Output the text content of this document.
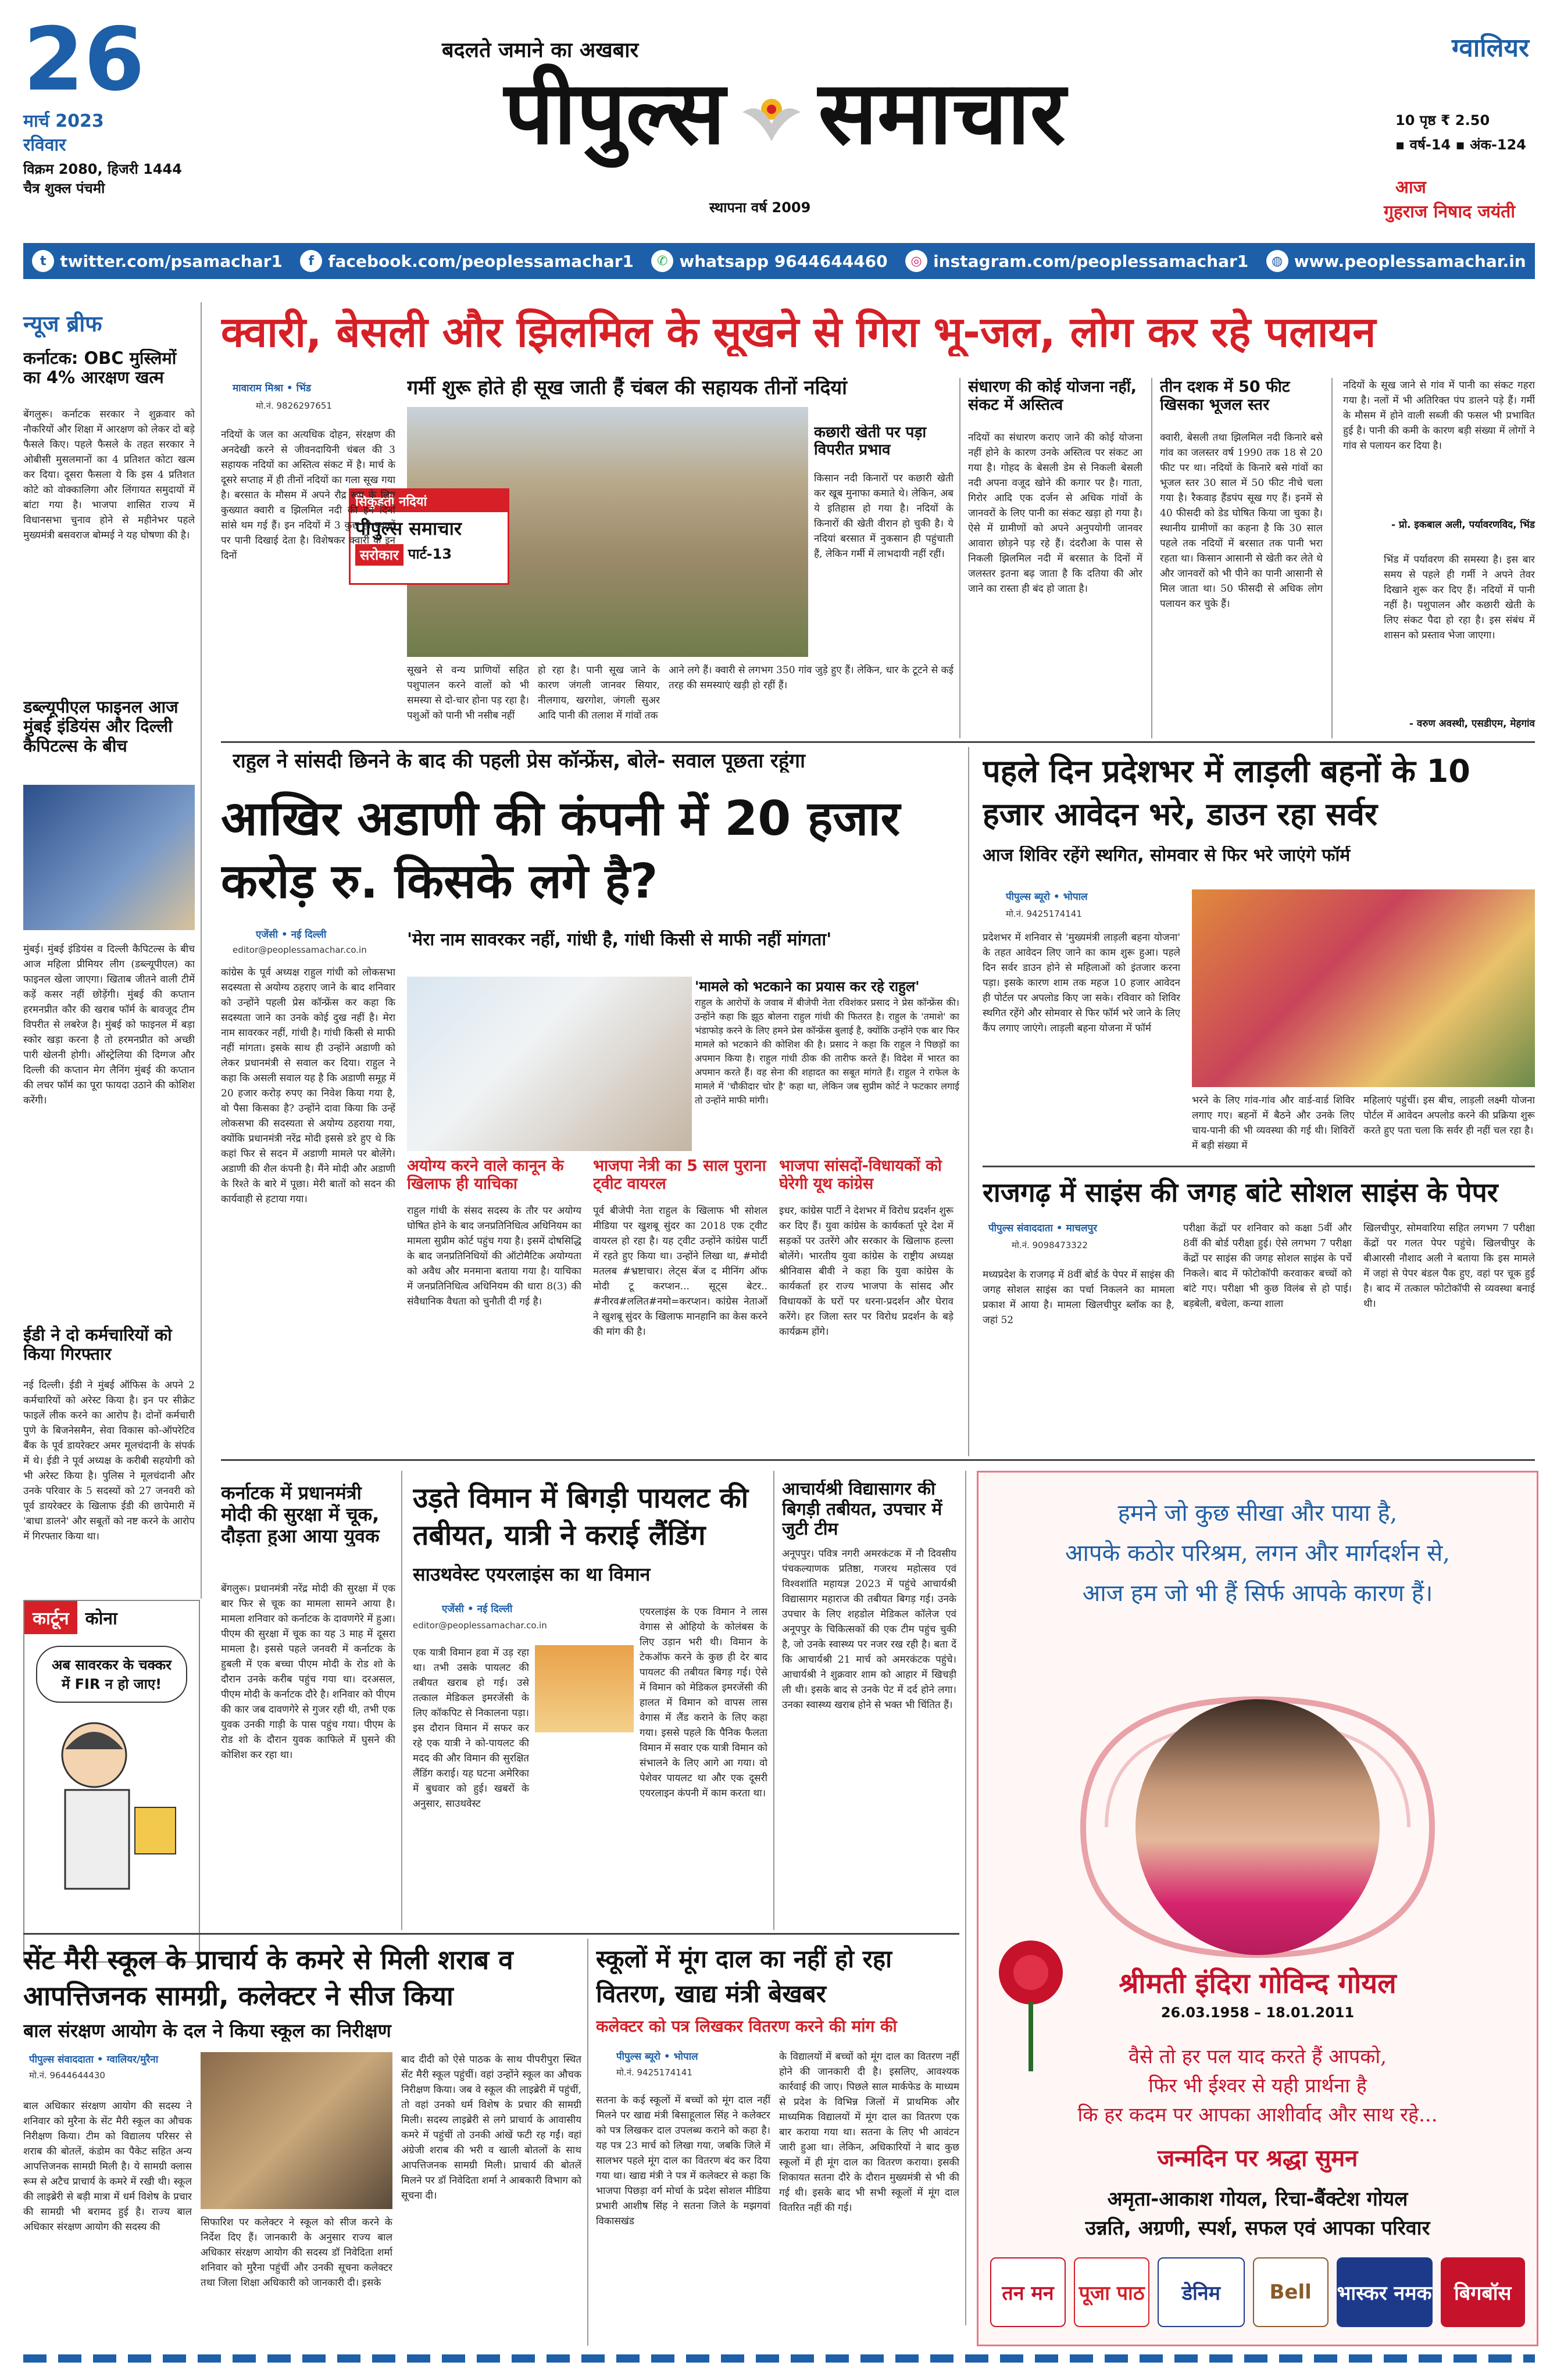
26
मार्च 2023
रविवार
विक्रम 2080, हिजरी 1444
चैत्र शुक्ल पंचमी
बदलते जमाने का अखबार
पीपुल्स समाचार
स्थापना वर्ष 2009
ग्वालियर
10 पृष्ठ ₹ 2.50
▪ वर्ष-14 ▪ अंक-124
आज
गुहराज निषाद जयंती
t twitter.com/psamachar1	f facebook.com/peoplessamachar1	✆ whatsapp 9644644460	◎ instagram.com/peoplessamachar1	◍ www.peoplessamachar.in
न्यूज ब्रीफ
कर्नाटक: OBC मुस्लिमों का 4% आरक्षण खत्म
बेंगलुरू। कर्नाटक सरकार ने शुक्रवार को नौकरियों और शिक्षा में आरक्षण को लेकर दो बड़े फैसले किए। पहले फैसले के तहत सरकार ने ओबीसी मुसलमानों का 4 प्रतिशत कोटा खत्म कर दिया। दूसरा फैसला ये कि इस 4 प्रतिशत कोटे को वोक्कालिगा और लिंगायत समुदायों में बांटा गया है। भाजपा शासित राज्य में विधानसभा चुनाव होने से महीनेभर पहले मुख्यमंत्री बसवराज बोम्मई ने यह घोषणा की है।
डब्ल्यूपीएल फाइनल आज मुंबई इंडियंस और दिल्ली कैपिटल्स के बीच
मुंबई। मुंबई इंडियंस व दिल्ली कैपिटल्स के बीच आज महिला प्रीमियर लीग (डब्ल्यूपीएल) का फाइनल खेला जाएगा। खिताब जीतने वाली टीमें कड़ें कसर नहीं छोड़ेंगी। मुंबई की कप्तान हरमनप्रीत कौर की खराब फॉर्म के बावजूद टीम विपरीत से लबरेज है। मुंबई को फाइनल में बड़ा स्कोर खड़ा करना है तो हरमनप्रीत को अच्छी पारी खेलनी होगी। ऑस्ट्रेलिया की दिग्गज और दिल्ली की कप्तान मेग लैनिंग मुंबई की कप्तान की लचर फॉर्म का पूरा फायदा उठाने की कोशिश करेंगी।
ईडी ने दो कर्मचारियों को किया गिरफ्तार
नई दिल्ली। ईडी ने मुंबई ऑफिस के अपने 2 कर्मचारियों को अरेस्ट किया है। इन पर सीक्रेट फाइलें लीक करने का आरोप है। दोनों कर्मचारी पुणे के बिजनेसमैन, सेवा विकास को-ऑपरेटिव बैंक के पूर्व डायरेक्टर अमर मूलचंदानी के संपर्क में थे। ईडी ने पूर्व अध्यक्ष के करीबी सहयोगी को भी अरेस्ट किया है। पुलिस ने मूलचंदानी और उनके परिवार के 5 सदस्यों को 27 जनवरी को पूर्व डायरेक्टर के खिलाफ ईडी की छापेमारी में 'बाधा डालने' और सबूतों को नष्ट करने के आरोप में गिरफ्तार किया था।
कार्टून कोना
अब सावरकर के चक्कर में FIR न हो जाए!
क्वारी, बेसली और झिलमिल के सूखने से गिरा भू-जल, लोग कर रहे पलायन
मावाराम मिश्रा • भिंड
मो.नं. 9826297651
गर्मी शुरू होते ही सूख जाती हैं चंबल की सहायक तीनों नदियां
सिकुड़ती नदियां
पीपुल्स समाचार
सरोकार पार्ट-13
नदियों के जल का अत्यधिक दोहन, संरक्षण की अनदेखी करने से जीवनदायिनी चंबल की 3 सहायक नदियों का अस्तित्व संकट में है। मार्च के दूसरे सप्ताह में ही तीनों नदियों का गला सूख गया है। बरसात के मौसम में अपने रौद्र रूप के लिए कुख्यात क्वारी व झिलमिल नदी की इन दिनों सांसे थम गई हैं। इन नदियों में 3 कुछ ही स्थानों पर पानी दिखाई देता है। विशेषकर क्वारी के इन दिनों
सूखने से वन्य प्राणियों सहित पशुपालन करने वालों को भी समस्या से दो-चार होना पड़ रहा है। पशुओं को पानी भी नसीब नहीं
हो रहा है। पानी सूख जाने के कारण जंगली जानवर सियार, नीलगाय, खरगोश, जंगली सुअर आदि पानी की तलाश में गांवों तक
कछारी खेती पर पड़ा विपरीत प्रभाव
किसान नदी किनारों पर कछारी खेती कर खूब मुनाफा कमाते थे। लेकिन, अब ये इतिहास हो गया है। नदियों के किनारों की खेती वीरान हो चुकी है। ये नदियां बरसात में नुकसान ही पहुंचाती हैं, लेकिन गर्मी में लाभदायी नहीं रहीं।
आने लगे हैं। क्वारी से लगभग 350 गांव जुड़े हुए हैं। लेकिन, धार के टूटने से कई तरह की समस्याएं खड़ी हो रहीं हैं।
संधारण की कोई योजना नहीं, संकट में अस्तित्व
नदियों का संधारण कराए जाने की कोई योजना नहीं होने के कारण उनके अस्तित्व पर संकट आ गया है। गोहद के बेसली डेम से निकली बेसली नदी अपना वजूद खोने की कगार पर है। गाता, गिरोर आदि एक दर्जन से अधिक गांवों के जानवरों के लिए पानी का संकट खड़ा हो गया है। ऐसे में ग्रामीणों को अपने अनुपयोगी जानवर आवारा छोड़ने पड़ रहे हैं। दंदरौआ के पास से निकली झिलमिल नदी में बरसात के दिनों में जलस्तर इतना बढ़ जाता है कि दतिया की ओर जाने का रास्ता ही बंद हो जाता है।
तीन दशक में 50 फीट खिसका भूजल स्तर
क्वारी, बेसली तथा झिलमिल नदी किनारे बसे गांव का जलस्तर वर्ष 1990 तक 18 से 20 फीट पर था। नदियों के किनारे बसे गांवों का भूजल स्तर 30 साल में 50 फीट नीचे चला गया है। रैकवाड़ हैंडपंप सूख गए हैं। इनमें से 40 फीसदी को डेड घोषित किया जा चुका है। स्थानीय ग्रामीणों का कहना है कि 30 साल पहले तक नदियों में बरसात तक पानी भरा रहता था। किसान आसानी से खेती कर लेते थे और जानवरों को भी पीने का पानी आसानी से मिल जाता था। 50 फीसदी से अधिक लोग पलायन कर चुके हैं।
नदियों के सूख जाने से गांव में पानी का संकट गहरा गया है। नलों में भी अतिरिक्त पंप डालने पड़े हैं। गर्मी के मौसम में होने वाली सब्जी की फसल भी प्रभावित हुई है। पानी की कमी के कारण बड़ी संख्या में लोगों ने गांव से पलायन कर दिया है।
- प्रो. इकबाल अली, पर्यावरणविद, भिंड
भिंड में पर्यावरण की समस्या है। इस बार समय से पहले ही गर्मी ने अपने तेवर दिखाने शुरू कर दिए हैं। नदियों में पानी नहीं है। पशुपालन और कछारी खेती के लिए संकट पैदा हो रहा है। इस संबंध में शासन को प्रस्ताव भेजा जाएगा।
- वरुण अवस्थी, एसडीएम, मेहगांव
राहुल ने सांसदी छिनने के बाद की पहली प्रेस कॉन्फ्रेंस, बोले- सवाल पूछता रहूंगा
आखिर अडाणी की कंपनी में 20 हजार करोड़ रु. किसके लगे है?
एजेंसी • नई दिल्ली
editor@peoplessamachar.co.in	'मेरा नाम सावरकर नहीं, गांधी है, गांधी किसी से माफी नहीं मांगता'
कांग्रेस के पूर्व अध्यक्ष राहुल गांधी को लोकसभा सदस्यता से अयोग्य ठहराए जाने के बाद शनिवार को उन्होंने पहली प्रेस कॉन्फ्रेंस कर कहा कि सदस्यता जाने का उनके कोई दुख नहीं है। मेरा नाम सावरकर नहीं, गांधी है। गांधी किसी से माफी नहीं मांगता। इसके साथ ही उन्होंने अडाणी को लेकर प्रधानमंत्री से सवाल कर दिया। राहुल ने कहा कि असली सवाल यह है कि अडाणी समूह में 20 हजार करोड़ रुपए का निवेश किया गया है, वो पैसा किसका है? उन्होंने दावा किया कि उन्हें लोकसभा की सदस्यता से अयोग्य ठहराया गया, क्योंकि प्रधानमंत्री नरेंद्र मोदी इससे डरे हुए थे कि कहां फिर से सदन में अडाणी मामले पर बोलेंगे। अडाणी की शैल कंपनी है। मैंने मोदी और अडाणी के रिश्ते के बारे में पूछा। मेरी बातों को सदन की कार्यवाही से हटाया गया।
'मामले को भटकाने का प्रयास कर रहे राहुल'
राहुल के आरोपों के जवाब में बीजेपी नेता रविशंकर प्रसाद ने प्रेस कॉन्फ्रेंस की। उन्होंने कहा कि झूठ बोलना राहुल गांधी की फितरत है। राहुल के 'तमाशे' का भंडाफोड़ करने के लिए हमने प्रेस कॉन्फ्रेंस बुलाई है, क्योंकि उन्होंने एक बार फिर मामले को भटकाने की कोशिश की है। प्रसाद ने कहा कि राहुल ने पिछड़ों का अपमान किया है। राहुल गांधी ठीक की तारीफ करते हैं। विदेश में भारत का अपमान करते हैं। वह सेना की शहादत का सबूत मांगते हैं। राहुल ने राफेल के मामले में 'चौकीदार चोर है' कहा था, लेकिन जब सुप्रीम कोर्ट ने फटकार लगाई तो उन्होंने माफी मांगी।
अयोग्य करने वाले कानून के खिलाफ ही याचिका
राहुल गांधी के संसद सदस्य के तौर पर अयोग्य घोषित होने के बाद जनप्रतिनिधित्व अधिनियम का मामला सुप्रीम कोर्ट पहुंच गया है। इसमें दोषसिद्धि के बाद जनप्रतिनिधियों की ऑटोमैटिक अयोग्यता को अवैध और मनमाना बताया गया है। याचिका में जनप्रतिनिधित्व अधिनियम की धारा 8(3) की संवैधानिक वैधता को चुनौती दी गई है।
भाजपा नेत्री का 5 साल पुराना ट्वीट वायरल
पूर्व बीजेपी नेता राहुल के खिलाफ भी सोशल मीडिया पर खुशबू सुंदर का 2018 एक ट्वीट वायरल हो रहा है। यह ट्वीट उन्होंने कांग्रेस पार्टी में रहते हुए किया था। उन्होंने लिखा था, #मोदी मतलब #भ्रष्टाचार। लेट्स बेंज द मीनिंग ऑफ मोदी टू करप्शन... सूट्स बेटर.. #नीरव#ललित#नमो=करप्शन। कांग्रेस नेताओं ने खुशबू सुंदर के खिलाफ मानहानि का केस करने की मांग की है।
भाजपा सांसदों-विधायकों को घेरेगी यूथ कांग्रेस
इधर, कांग्रेस पार्टी ने देशभर में विरोध प्रदर्शन शुरू कर दिए हैं। युवा कांग्रेस के कार्यकर्ता पूरे देश में सड़कों पर उतरेंगे और सरकार के खिलाफ हल्ला बोलेंगे। भारतीय युवा कांग्रेस के राष्ट्रीय अध्यक्ष श्रीनिवास बीवी ने कहा कि युवा कांग्रेस के कार्यकर्ता हर राज्य भाजपा के सांसद और विधायकों के घरों पर धरना-प्रदर्शन और घेराव करेंगे। हर जिला स्तर पर विरोध प्रदर्शन के बड़े कार्यक्रम होंगे।
पहले दिन प्रदेशभर में लाड़ली बहनों के 10 हजार आवेदन भरे, डाउन रहा सर्वर
आज शिविर रहेंगे स्थगित, सोमवार से फिर भरे जाएंगे फॉर्म
पीपुल्स ब्यूरो • भोपाल
मो.नं. 9425174141
प्रदेशभर में शनिवार से 'मुख्यमंत्री लाड़ली बहना योजना' के तहत आवेदन लिए जाने का काम शुरू हुआ। पहले दिन सर्वर डाउन होने से महिलाओं को इंतजार करना पड़ा। इसके कारण शाम तक महज 10 हजार आवेदन ही पोर्टल पर अपलोड किए जा सके। रविवार को शिविर स्थगित रहेंगे और सोमवार से फिर फॉर्म भरे जाने के लिए कैंप लगाए जाएंगे। लाड़ली बहना योजना में फॉर्म
भरने के लिए गांव-गांव और वार्ड-वार्ड शिविर लगाए गए। बहनों में बैठने और उनके लिए चाय-पानी की भी व्यवस्था की गई थी। शिविरों में बड़ी संख्या में
महिलाएं पहुंचीं। इस बीच, लाड़ली लक्ष्मी योजना पोर्टल में आवेदन अपलोड करने की प्रक्रिया शुरू करते हुए पता चला कि सर्वर ही नहीं चल रहा है।
राजगढ़ में साइंस की जगह बांटे सोशल साइंस के पेपर
पीपुल्स संवाददाता • माचलपुर
मो.नं. 9098473322
मध्यप्रदेश के राजगढ़ में 8वीं बोर्ड के पेपर में साइंस की जगह सोशल साइंस का पर्चा निकलने का मामला प्रकाश में आया है। मामला खिलचीपुर ब्लॉक का है, जहां 52
परीक्षा केंद्रों पर शनिवार को कक्षा 5वीं और 8वीं की बोर्ड परीक्षा हुई। ऐसे लगभग 7 परीक्षा केंद्रों पर साइंस की जगह सोशल साइंस के पर्चे निकले। बाद में फोटोकॉपी करवाकर बच्चों को बांटे गए। परीक्षा भी कुछ विलंब से हो पाई। बड़बेली, बचेला, कन्या शाला
खिलचीपुर, सोमवारिया सहित लगभग 7 परीक्षा केंद्रों पर गलत पेपर पहुंचे। खिलचीपुर के बीआरसी नौशाद अली ने बताया कि इस मामले में जहां से पेपर बंडल पैक हुए, वहां पर चूक हुई है। बाद में तत्काल फोटोकॉपी से व्यवस्था बनाई थी।
कर्नाटक में प्रधानमंत्री मोदी की सुरक्षा में चूक, दौड़ता हुआ आया युवक
बेंगलुरू। प्रधानमंत्री नरेंद्र मोदी की सुरक्षा में एक बार फिर से चूक का मामला सामने आया है। मामला शनिवार को कर्नाटक के दावणगेरे में हुआ। पीएम की सुरक्षा में चूक का यह 3 माह में दूसरा मामला है। इससे पहले जनवरी में कर्नाटक के हुबली में एक बच्चा पीएम मोदी के रोड शो के दौरान उनके करीब पहुंच गया था। दरअसल, पीएम मोदी के कर्नाटक दौरे है। शनिवार को पीएम की कार जब दावणगेरे से गुजर रही थी, तभी एक युवक उनकी गाड़ी के पास पहुंच गया। पीएम के रोड शो के दौरान युवक काफिले में घुसने की कोशिश कर रहा था।
उड़ते विमान में बिगड़ी पायलट की तबीयत, यात्री ने कराई लैंडिंग
साउथवेस्ट एयरलाइंस का था विमान
एजेंसी • नई दिल्ली
editor@peoplessamachar.co.in
एक यात्री विमान हवा में उड़ रहा था। तभी उसके पायलट की तबीयत खराब हो गई। उसे तत्काल मेडिकल इमरजेंसी के लिए कॉकपिट से निकालना पड़ा। इस दौरान विमान में सफर कर रहे एक यात्री ने को-पायलट की मदद की और विमान की सुरक्षित लैंडिंग कराई। यह घटना अमेरिका में बुधवार को हुई। खबरों के अनुसार, साउथवेस्ट
एयरलाइंस के एक विमान ने लास वेगास से ओहियो के कोलंबस के लिए उड़ान भरी थी। विमान के टेकऑफ करने के कुछ ही देर बाद पायलट की तबीयत बिगड़ गई। ऐसे में विमान को मेडिकल इमरजेंसी की हालत में विमान को वापस लास वेगास में लैंड कराने के लिए कहा गया। इससे पहले कि पैनिक फैलता विमान में सवार एक यात्री विमान को संभालने के लिए आगे आ गया। वो पेशेवर पायलट था और एक दूसरी एयरलाइन कंपनी में काम करता था।
आचार्यश्री विद्यासागर की बिगड़ी तबीयत, उपचार में जुटी टीम
अनूपपुर। पवित्र नगरी अमरकंटक में नौ दिवसीय पंचकल्याणक प्रतिष्ठा, गजरथ महोत्सव एवं विश्वशांति महायज्ञ 2023 में पहुंचे आचार्यश्री विद्यासागर महाराज की तबीयत बिगड़ गई। उनके उपचार के लिए शहडोल मेडिकल कॉलेज एवं अनूपपुर के चिकित्सकों की एक टीम पहुंच चुकी है, जो उनके स्वास्थ्य पर नजर रख रही है। बता दें कि आचार्यश्री 21 मार्च को अमरकंटक पहुंचे। आचार्यश्री ने शुक्रवार शाम को आहार में खिचड़ी ली थी। इसके बाद से उनके पेट में दर्द होने लगा। उनका स्वास्थ्य खराब होने से भक्त भी चिंतित हैं।
सेंट मैरी स्कूल के प्राचार्य के कमरे से मिली शराब व आपत्तिजनक सामग्री, कलेक्टर ने सीज किया
बाल संरक्षण आयोग के दल ने किया स्कूल का निरीक्षण
पीपुल्स संवाददाता • ग्वालियर/मुरैना
मो.नं. 9644644430
बाल अधिकार संरक्षण आयोग की सदस्य ने शनिवार को मुरैना के सेंट मैरी स्कूल का औचक निरीक्षण किया। टीम को विद्यालय परिसर से शराब की बोतलें, कंडोम का पैकेट सहित अन्य आपत्तिजनक सामग्री मिली है। ये सामग्री क्लास रूम से अटैच प्राचार्य के कमरे में रखी थी। स्कूल की लाइब्रेरी से बड़ी मात्रा में धर्म विशेष के प्रचार की सामग्री भी बरामद हुई है। राज्य बाल अधिकार संरक्षण आयोग की सदस्य की	सिफारिश पर कलेक्टर ने स्कूल को सीज करने के निर्देश दिए हैं। जानकारी के अनुसार राज्य बाल अधिकार संरक्षण आयोग की सदस्य डॉ निवेदिता शर्मा शनिवार को मुरैना पहुंचीं और उनकी सूचना कलेक्टर तथा जिला शिक्षा अधिकारी को जानकारी दी। इसके
बाद दीदी को ऐसे पाठक के साथ पीपरीपुरा स्थित सेंट मैरी स्कूल पहुंचीं। वहां उन्होंने स्कूल का औचक निरीक्षण किया। जब वे स्कूल की लाइब्रेरी में पहुंचीं, तो वहां उनको धर्म विशेष के प्रचार की सामग्री मिली। सदस्य लाइब्रेरी से लगे प्राचार्य के आवासीय कमरे में पहुंचीं तो उनकी आंखें फटी रह गईं। वहां अंग्रेजी शराब की भरी व खाली बोतलों के साथ आपत्तिजनक सामग्री मिली। प्राचार्य की बोतलें मिलने पर डॉ निवेदिता शर्मा ने आबकारी विभाग को सूचना दी।
स्कूलों में मूंग दाल का नहीं हो रहा वितरण, खाद्य मंत्री बेखबर
कलेक्टर को पत्र लिखकर वितरण करने की मांग की
पीपुल्स ब्यूरो • भोपाल
मो.नं. 9425174141
सतना के कई स्कूलों में बच्चों को मूंग दाल नहीं मिलने पर खाद्य मंत्री बिसाहूलाल सिंह ने कलेक्टर को पत्र लिखकर दाल उपलब्ध कराने को कहा है। यह पत्र 23 मार्च को लिखा गया, जबकि जिले में सालभर पहले मूंग दाल का वितरण बंद कर दिया गया था। खाद्य मंत्री ने पत्र में कलेक्टर से कहा कि भाजपा पिछड़ा वर्ग मोर्चा के प्रदेश सोशल मीडिया प्रभारी आशीष सिंह ने सतना जिले के मझगवां विकासखंड
के विद्यालयों में बच्चों को मूंग दाल का वितरण नहीं होने की जानकारी दी है। इसलिए, आवश्यक कार्रवाई की जाए। पिछले साल मार्कफेड के माध्यम से प्रदेश के विभिन्न जिलों में प्राथमिक और माध्यमिक विद्यालयों में मूंग दाल का वितरण एक बार कराया गया था। सतना के लिए भी आवंटन जारी हुआ था। लेकिन, अधिकारियों ने बाद कुछ स्कूलों में ही मूंग दाल का वितरण कराया। इसकी शिकायत सतना दौरे के दौरान मुख्यमंत्री से भी की गई थी। इसके बाद भी सभी स्कूलों में मूंग दाल वितरित नहीं की गई।
हमने जो कुछ सीखा और पाया है,
आपके कठोर परिश्रम, लगन और मार्गदर्शन से,
आज हम जो भी हैं सिर्फ आपके कारण हैं।
श्रीमती इंदिरा गोविन्द गोयल
26.03.1958 – 18.01.2011
वैसे तो हर पल याद करते हैं आपको,
फिर भी ईश्वर से यही प्रार्थना है
कि हर कदम पर आपका आशीर्वाद और साथ रहे...
जन्मदिन पर श्रद्धा सुमन
अमृता-आकाश गोयल, रिचा-बैंक्टेश गोयल
उन्नति, अग्रणी, स्पर्श, सफल एवं आपका परिवार
तन मन	पूजा पाठ	डेनिम	Bell	भास्कर नमक	बिगबॉस
